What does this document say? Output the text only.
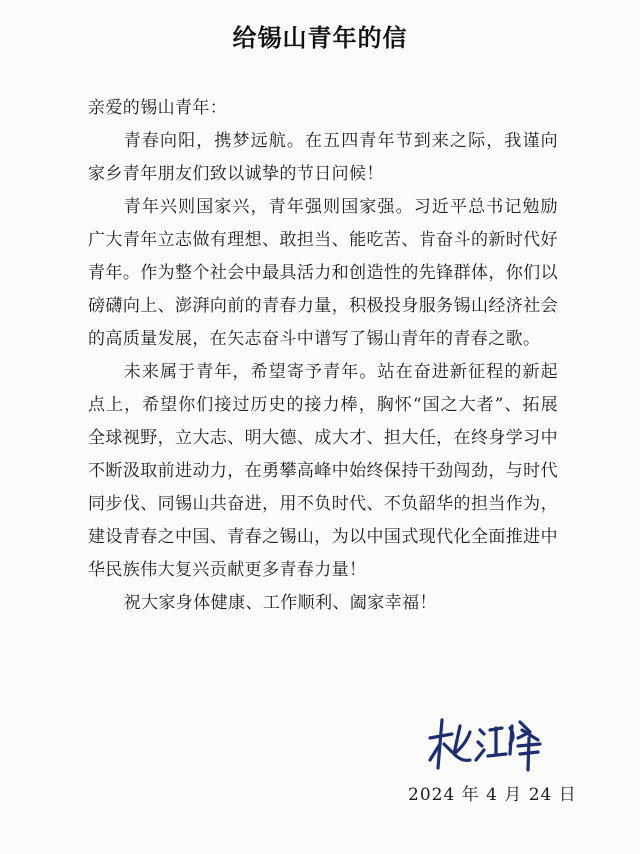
给锡山青年的信

亲爱的锡山青年：

青春向阳，携梦远航。在五四青年节到来之际，我谨向家乡青年朋友们致以诚挚的节日问候！

青年兴则国家兴，青年强则国家强。习近平总书记勉励广大青年立志做有理想、敢担当、能吃苦、肯奋斗的新时代好青年。作为整个社会中最具活力和创造性的先锋群体，你们以磅礴向上、澎湃向前的青春力量，积极投身服务锡山经济社会的高质量发展，在矢志奋斗中谱写了锡山青年的青春之歌。

未来属于青年，希望寄予青年。站在奋进新征程的新起点上，希望你们接过历史的接力棒，胸怀“国之大者”、拓展全球视野，立大志、明大德、成大才、担大任，在终身学习中不断汲取前进动力，在勇攀高峰中始终保持干劲闯劲，与时代同步伐、同锡山共奋进，用不负时代、不负韶华的担当作为，建设青春之中国、青春之锡山，为以中国式现代化全面推进中华民族伟大复兴贡献更多青春力量！

祝大家身体健康、工作顺利、阖家幸福！

2024 年 4 月 24 日
